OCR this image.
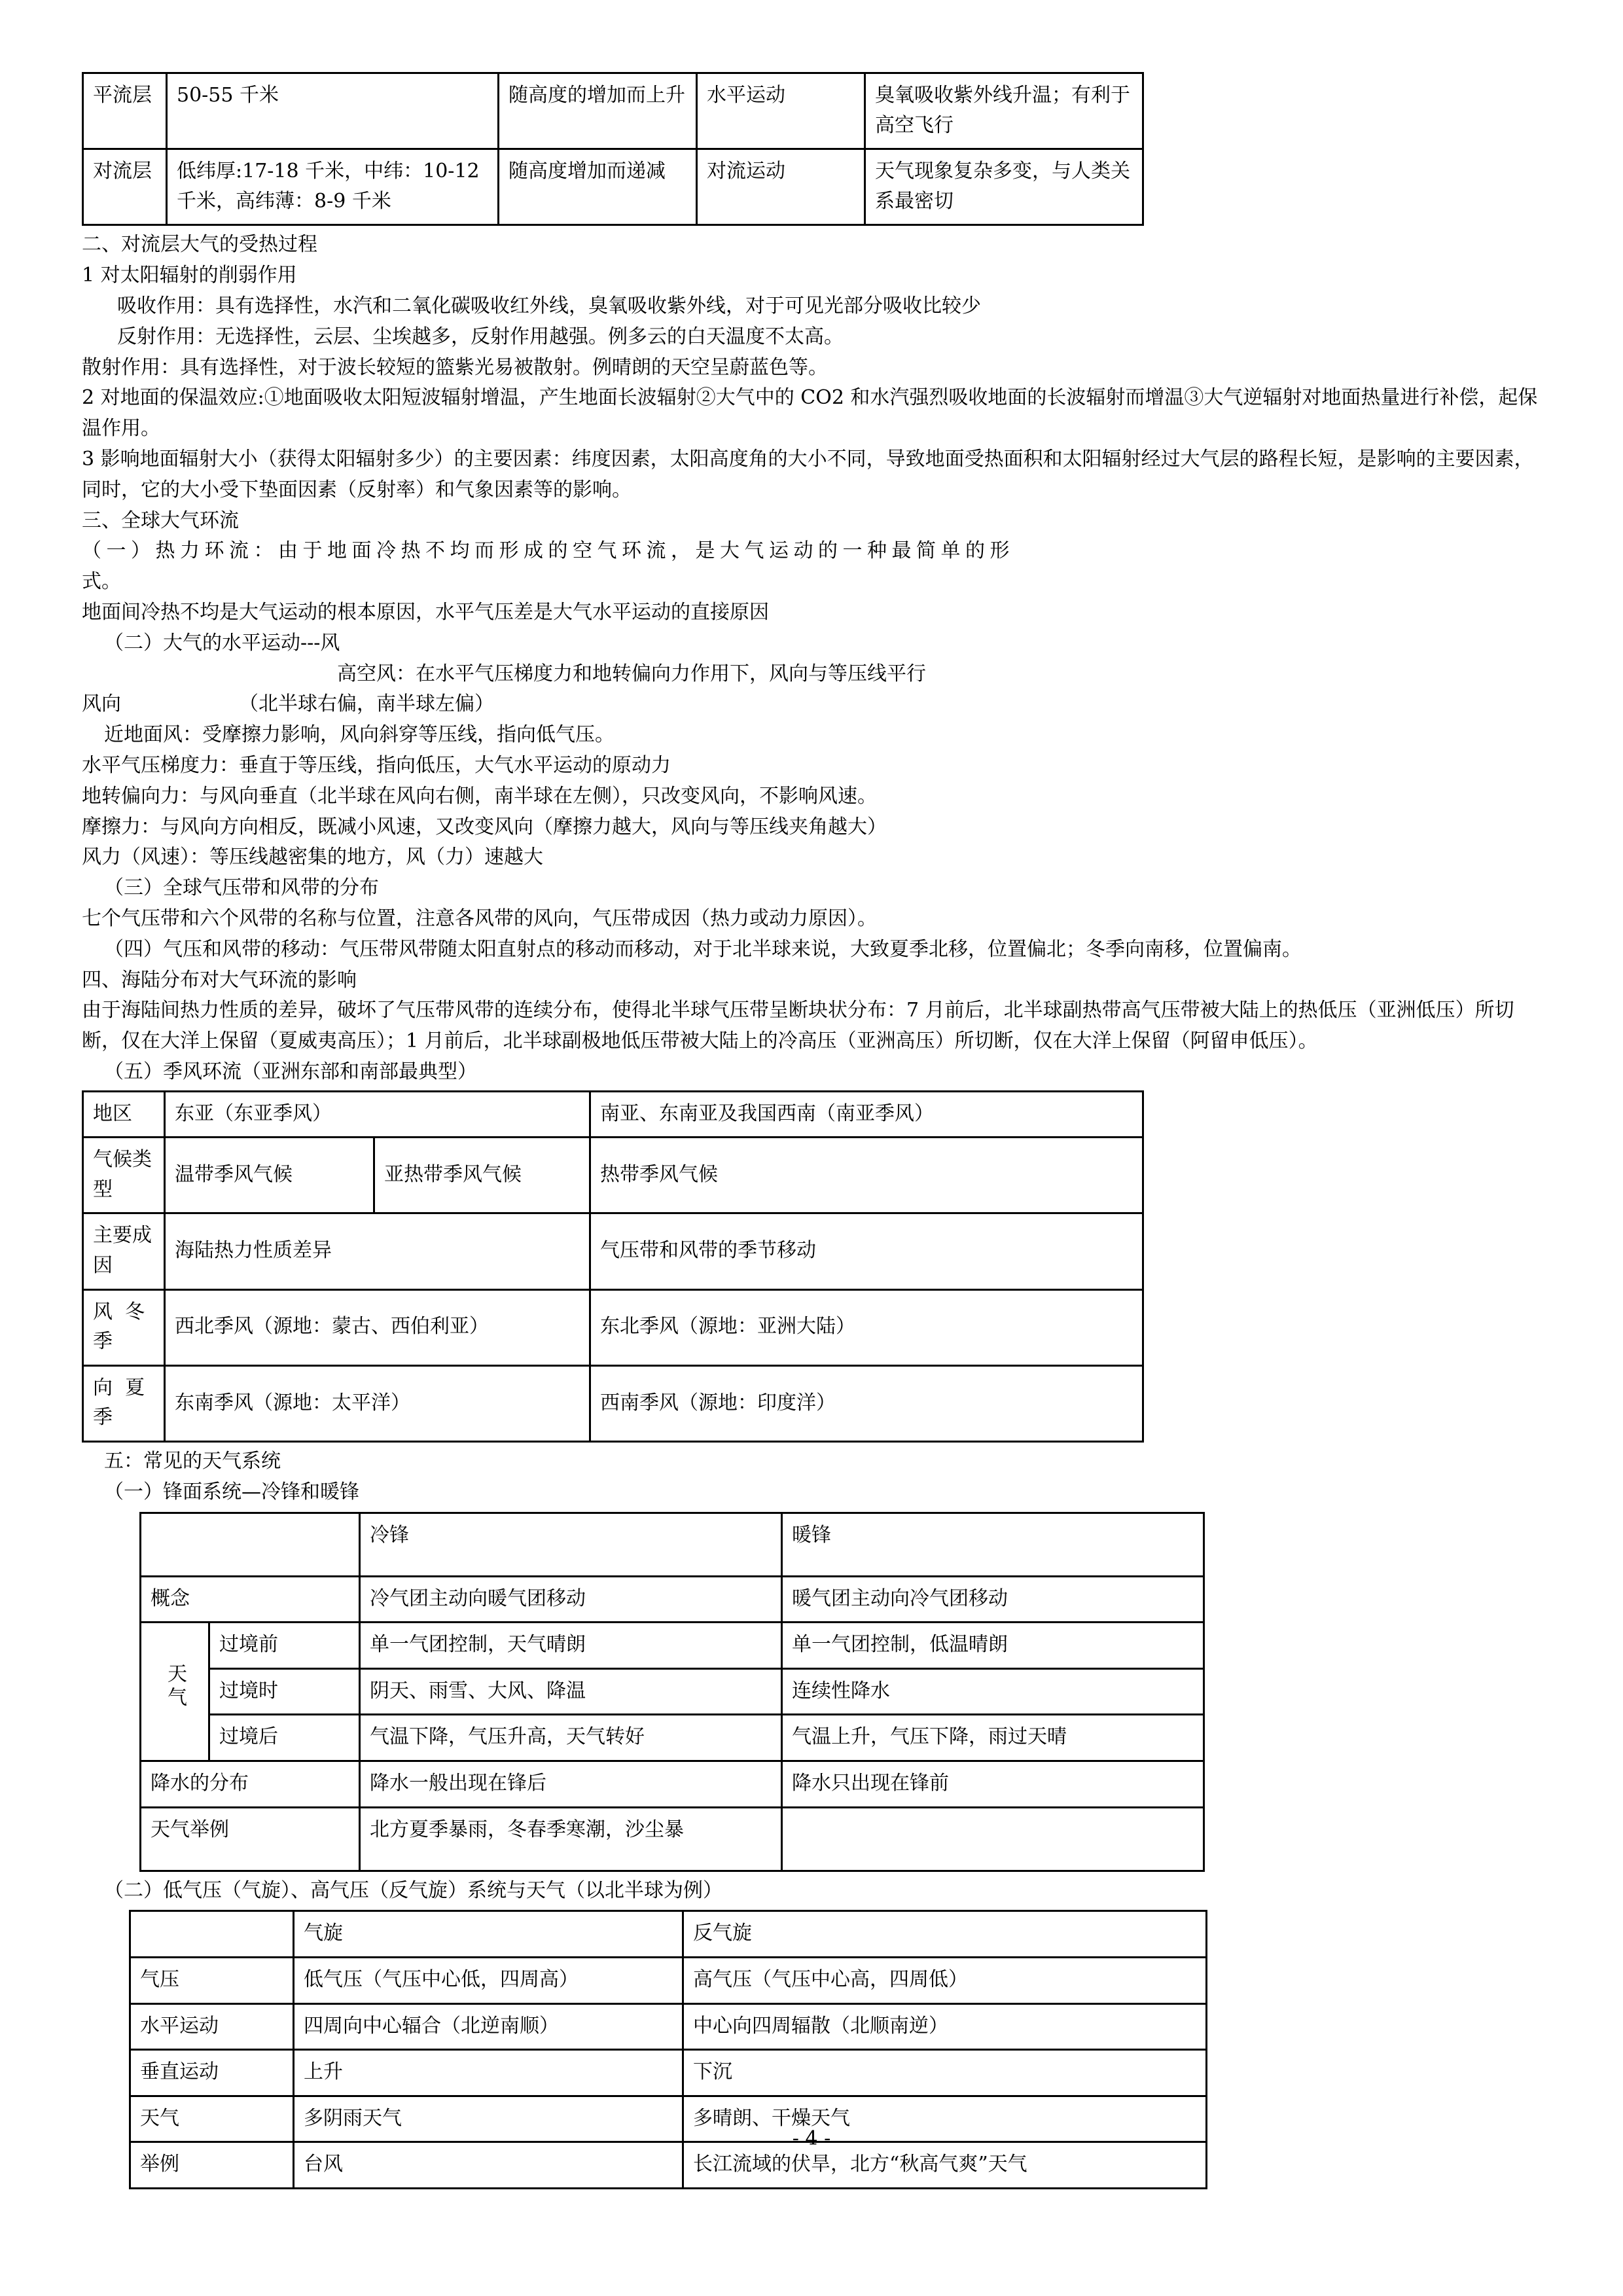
平流层	50-55 千米	随高度的增加而上升	水平运动	臭氧吸收紫外线升温；有利于高空飞行
对流层	低纬厚:17-18 千米，中纬：10-12 千米，高纬薄：8-9 千米	随高度增加而递减	对流运动	天气现象复杂多变，与人类关系最密切

二、对流层大气的受热过程

1 对太阳辐射的削弱作用

吸收作用：具有选择性，水汽和二氧化碳吸收红外线，臭氧吸收紫外线，对于可见光部分吸收比较少

反射作用：无选择性，云层、尘埃越多，反射作用越强。例多云的白天温度不太高。

散射作用：具有选择性，对于波长较短的篮紫光易被散射。例晴朗的天空呈蔚蓝色等。

2 对地面的保温效应:①地面吸收太阳短波辐射增温，产生地面长波辐射②大气中的 CO2 和水汽强烈吸收地面的长波辐射而增温③大气逆辐射对地面热量进行补偿，起保温作用。

3 影响地面辐射大小（获得太阳辐射多少）的主要因素：纬度因素，太阳高度角的大小不同，导致地面受热面积和太阳辐射经过大气层的路程长短，是影响的主要因素，同时，它的大小受下垫面因素（反射率）和气象因素等的影响。

三、全球大气环流

（一）热力环流：由于地面冷热不均而形成的空气环流，是大气运动的一种最简单的形

式。

地面间冷热不均是大气运动的根本原因，水平气压差是大气水平运动的直接原因

（二）大气的水平运动---风

高空风：在水平气压梯度力和地转偏向力作用下，风向与等压线平行

风向	（北半球右偏，南半球左偏）

近地面风：受摩擦力影响，风向斜穿等压线，指向低气压。

水平气压梯度力：垂直于等压线，指向低压，大气水平运动的原动力

地转偏向力：与风向垂直（北半球在风向右侧，南半球在左侧），只改变风向，不影响风速。

摩擦力：与风向方向相反，既减小风速，又改变风向（摩擦力越大，风向与等压线夹角越大）

风力（风速）：等压线越密集的地方，风（力）速越大

（三）全球气压带和风带的分布

七个气压带和六个风带的名称与位置，注意各风带的风向，气压带成因（热力或动力原因）。

（四）气压和风带的移动：气压带风带随太阳直射点的移动而移动，对于北半球来说，大致夏季北移，位置偏北；冬季向南移，位置偏南。

四、海陆分布对大气环流的影响

由于海陆间热力性质的差异，破坏了气压带风带的连续分布，使得北半球气压带呈断块状分布：7 月前后，北半球副热带高气压带被大陆上的热低压（亚洲低压）所切断，仅在大洋上保留（夏威夷高压）；1 月前后，北半球副极地低压带被大陆上的冷高压（亚洲高压）所切断，仅在大洋上保留（阿留申低压）。

（五）季风环流（亚洲东部和南部最典型）

地区	东亚（东亚季风）		南亚、东南亚及我国西南（南亚季风）
气候类型	温带季风气候	亚热带季风气候	热带季风气候
主要成因	海陆热力性质差异		气压带和风带的季节移动
风 冬季	西北季风（源地：蒙古、西伯利亚）		东北季风（源地：亚洲大陆）
向 夏季	东南季风（源地：太平洋）		西南季风（源地：印度洋）

五：常见的天气系统

（一）锋面系统—冷锋和暖锋

		冷锋	暖锋
概念		冷气团主动向暖气团移动	暖气团主动向冷气团移动
天气	过境前	单一气团控制，天气晴朗	单一气团控制，低温晴朗
	过境时	阴天、雨雪、大风、降温	连续性降水
	过境后	气温下降，气压升高，天气转好	气温上升，气压下降，雨过天晴
降水的分布		降水一般出现在锋后	降水只出现在锋前
天气举例		北方夏季暴雨，冬春季寒潮，沙尘暴	

（二）低气压（气旋）、高气压（反气旋）系统与天气（以北半球为例）

	气旋	反气旋
气压	低气压（气压中心低，四周高）	高气压（气压中心高，四周低）
水平运动	四周向中心辐合（北逆南顺）	中心向四周辐散（北顺南逆）
垂直运动	上升	下沉
天气	多阴雨天气	多晴朗、干燥天气
举例	台风	长江流域的伏旱，北方“秋高气爽”天气
- 4 -
